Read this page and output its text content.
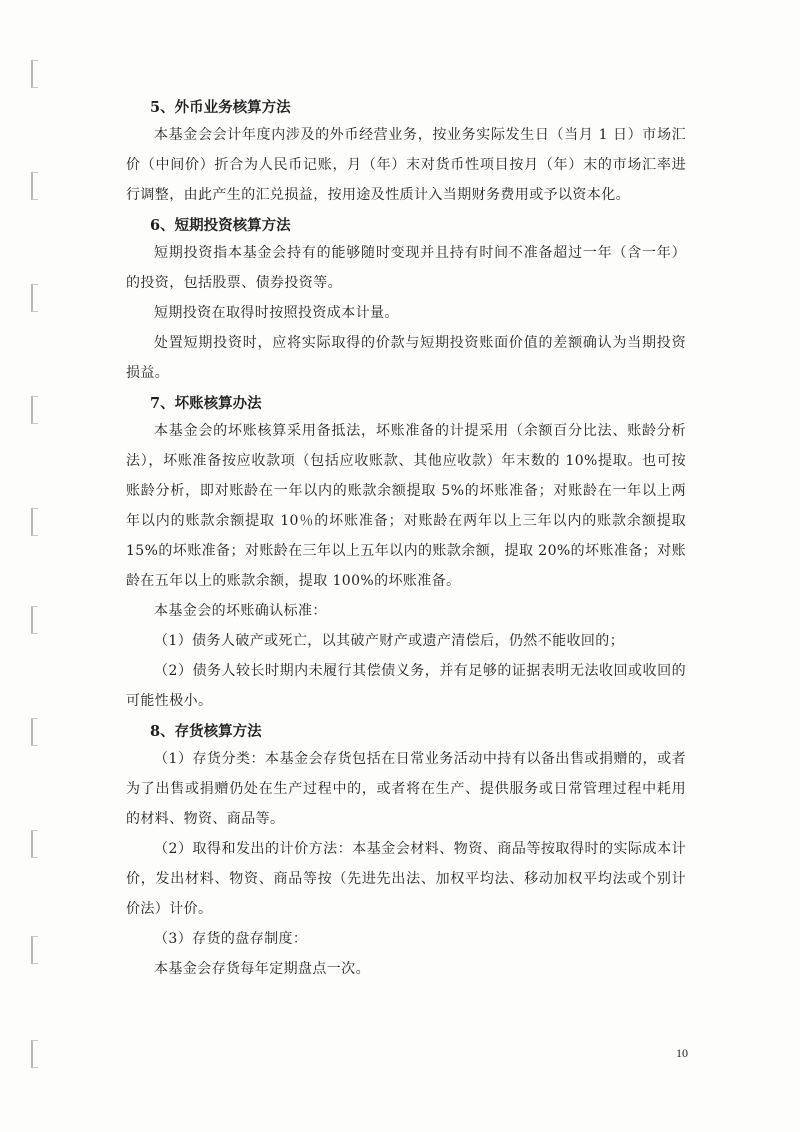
5、外币业务核算方法

本基金会会计年度内涉及的外币经营业务，按业务实际发生日（当月 1 日）市场汇价（中间价）折合为人民币记账，月（年）末对货币性项目按月（年）末的市场汇率进行调整，由此产生的汇兑损益，按用途及性质计入当期财务费用或予以资本化。

6、短期投资核算方法

短期投资指本基金会持有的能够随时变现并且持有时间不准备超过一年（含一年）的投资，包括股票、债券投资等。

短期投资在取得时按照投资成本计量。

处置短期投资时，应将实际取得的价款与短期投资账面价值的差额确认为当期投资损益。

7、坏账核算办法

本基金会的坏账核算采用备抵法，坏账准备的计提采用（余额百分比法、账龄分析法），坏账准备按应收款项（包括应收账款、其他应收款）年末数的 10%提取。也可按账龄分析，即对账龄在一年以内的账款余额提取 5%的坏账准备；对账龄在一年以上两年以内的账款余额提取 10％的坏账准备；对账龄在两年以上三年以内的账款余额提取 15%的坏账准备；对账龄在三年以上五年以内的账款余额，提取 20%的坏账准备；对账龄在五年以上的账款余额，提取 100%的坏账准备。

本基金会的坏账确认标准：

（1）债务人破产或死亡，以其破产财产或遗产清偿后，仍然不能收回的；

（2）债务人较长时期内未履行其偿债义务，并有足够的证据表明无法收回或收回的可能性极小。

8、存货核算方法

（1）存货分类：本基金会存货包括在日常业务活动中持有以备出售或捐赠的，或者为了出售或捐赠仍处在生产过程中的，或者将在生产、提供服务或日常管理过程中耗用的材料、物资、商品等。

（2）取得和发出的计价方法：本基金会材料、物资、商品等按取得时的实际成本计价，发出材料、物资、商品等按（先进先出法、加权平均法、移动加权平均法或个别计价法）计价。

（3）存货的盘存制度：

本基金会存货每年定期盘点一次。

10
